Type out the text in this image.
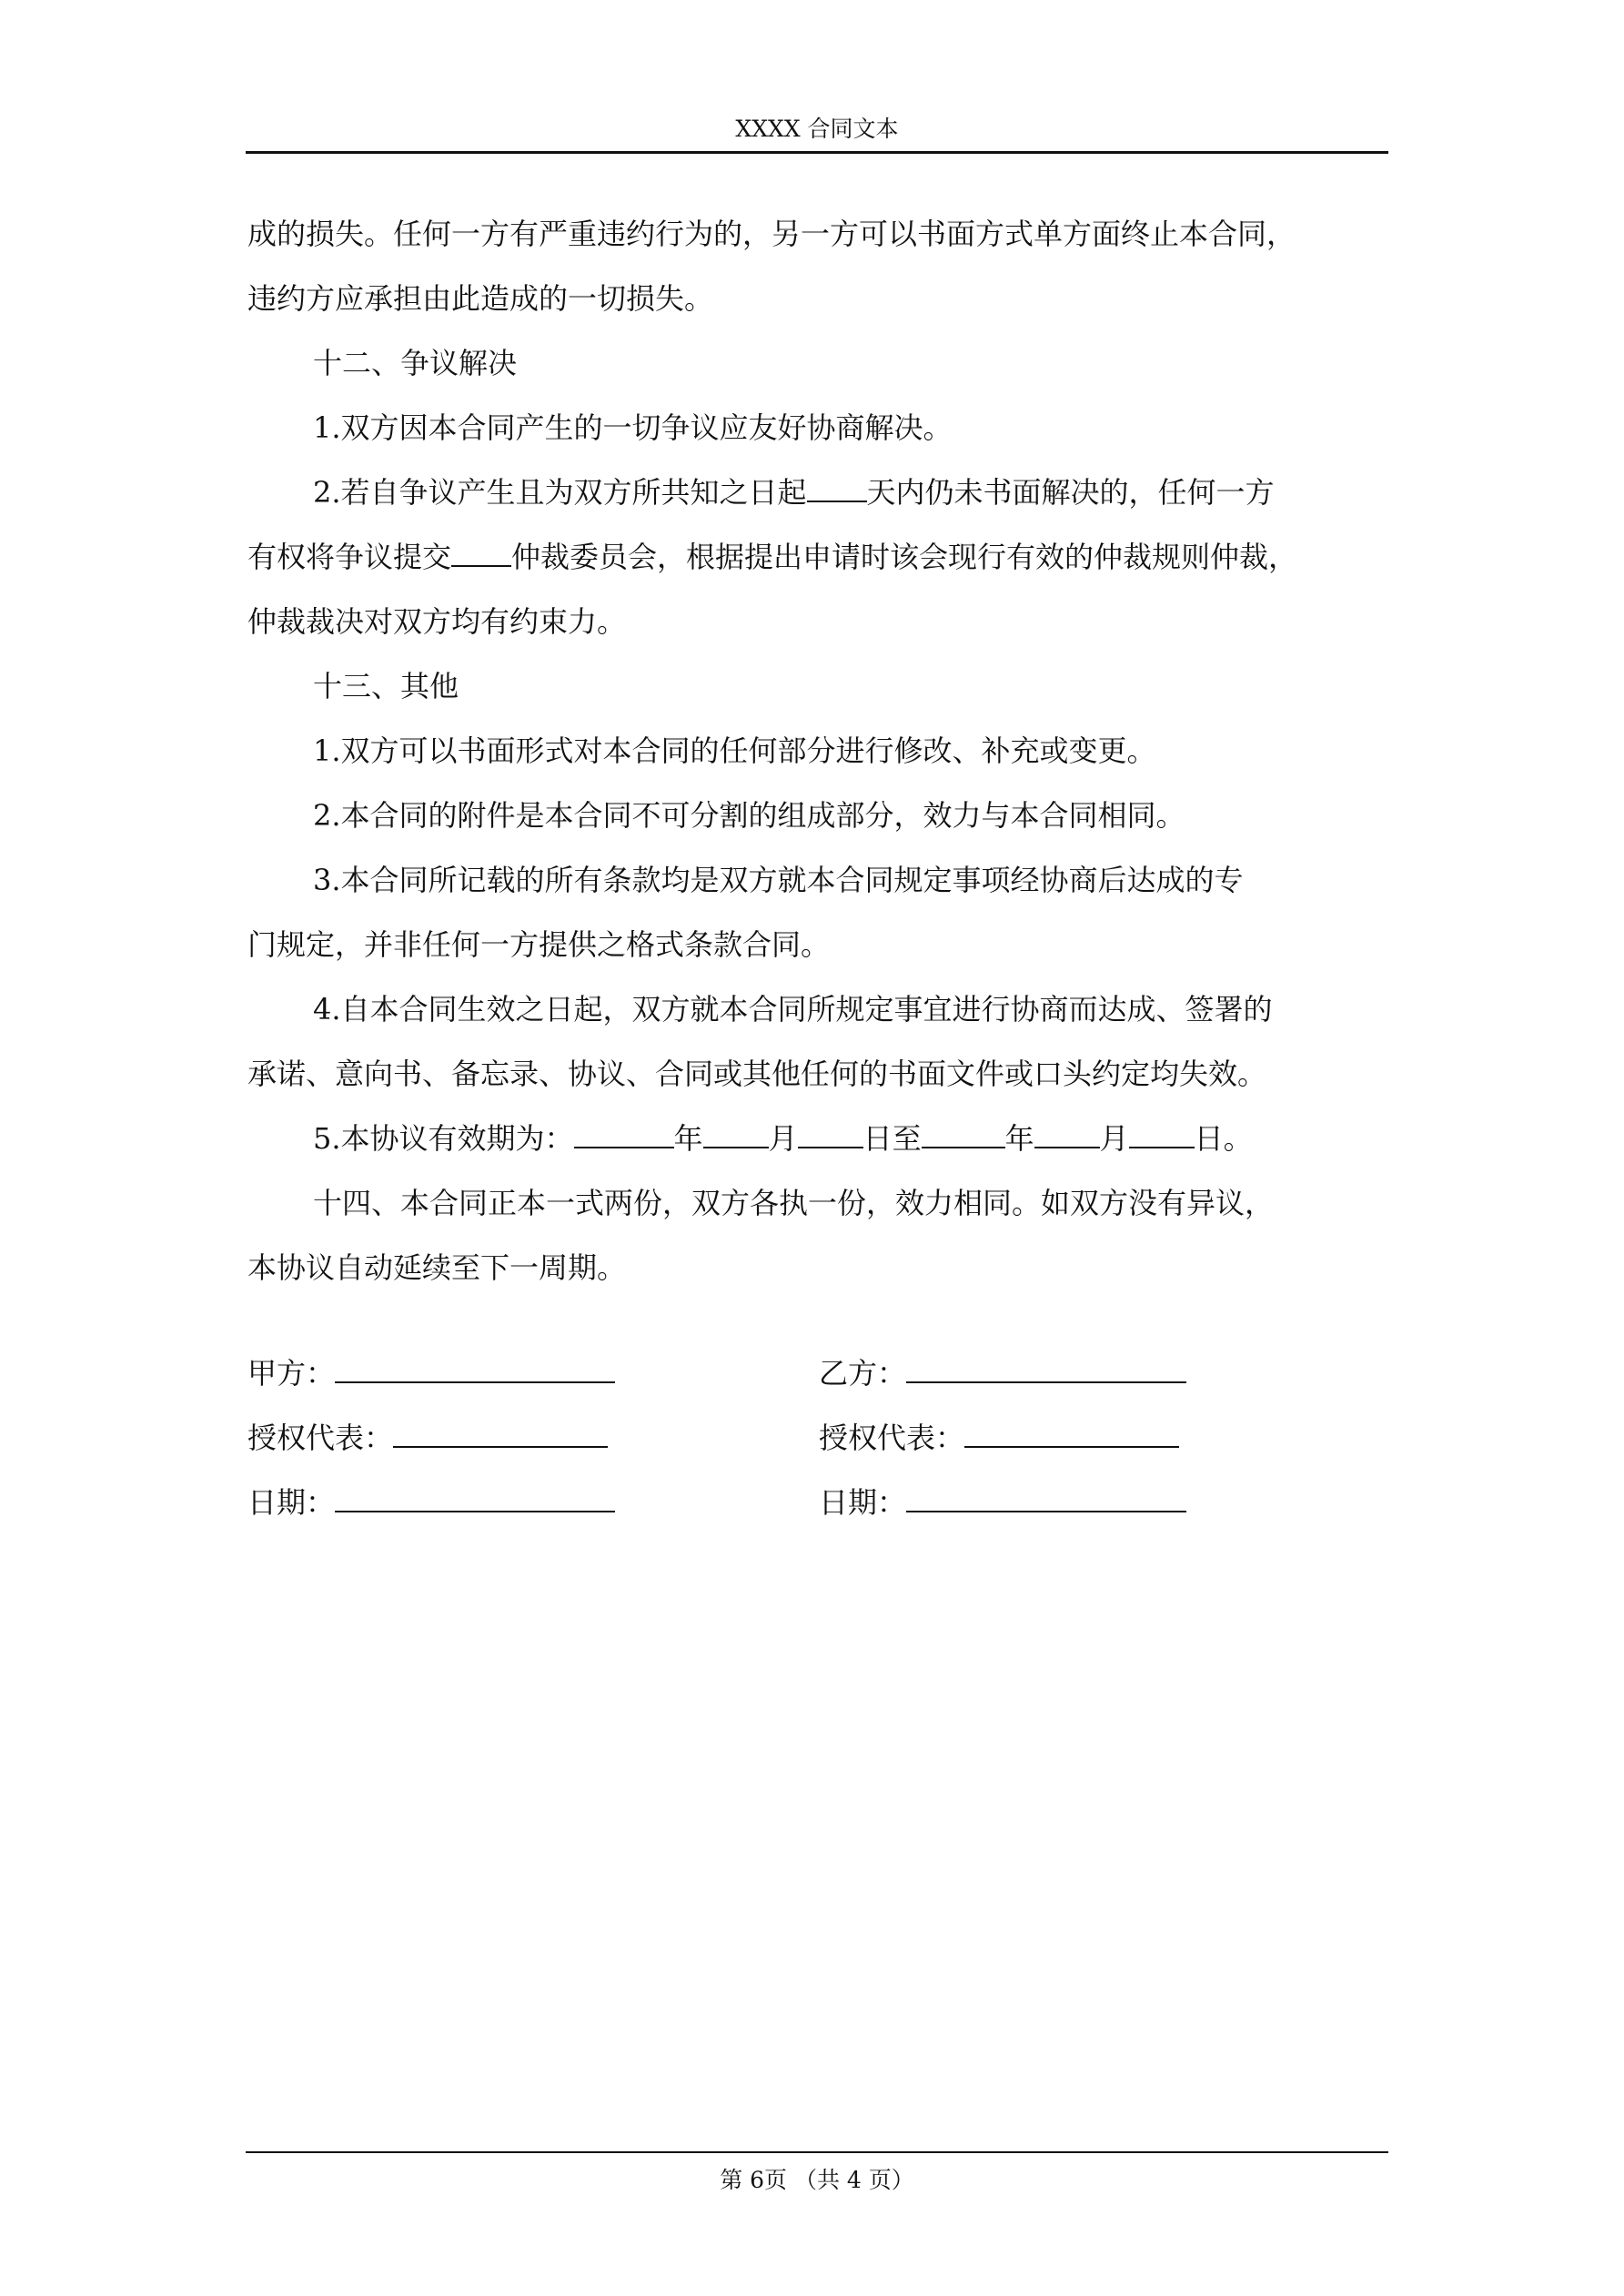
XXXX 合同文本
成的损失。任何一方有严重违约行为的，另一方可以书面方式单方面终止本合同，
违约方应承担由此造成的一切损失。
十二、争议解决
1.双方因本合同产生的一切争议应友好协商解决。
2.若自争议产生且为双方所共知之日起 天内仍未书面解决的，任何一方
有权将争议提交 仲裁委员会，根据提出申请时该会现行有效的仲裁规则仲裁，
仲裁裁决对双方均有约束力。
十三、其他
1.双方可以书面形式对本合同的任何部分进行修改、补充或变更。
2.本合同的附件是本合同不可分割的组成部分，效力与本合同相同。
3.本合同所记载的所有条款均是双方就本合同规定事项经协商后达成的专
门规定，并非任何一方提供之格式条款合同。
4.自本合同生效之日起，双方就本合同所规定事宜进行协商而达成、签署的
承诺、意向书、备忘录、协议、合同或其他任何的书面文件或口头约定均失效。
5.本协议有效期为：	年 月 日至	年 月 日。
十四、本合同正本一式两份，双方各执一份，效力相同。如双方没有异议，
本协议自动延续至下一周期。
甲方：	乙方：
授权代表：	授权代表：
日期：	日期：
第 6页 （共 4 页）
